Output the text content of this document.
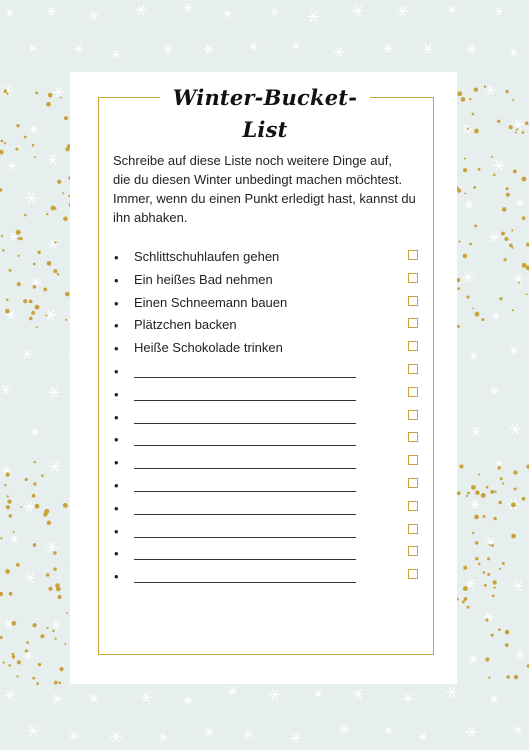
Winter-Bucket-List
Schreibe auf diese Liste noch weitere Dinge auf,
die du diesen Winter unbedingt machen möchtest.
Immer, wenn du einen Punkt erledigt hast, kannst du
ihn abhaken.
• Schlittschuhlaufen gehen
• Ein heißes Bad nehmen
• Einen Schneemann bauen
• Plätzchen backen
• Heiße Schokolade trinken
•
•
•
•
•
•
•
•
•
•
